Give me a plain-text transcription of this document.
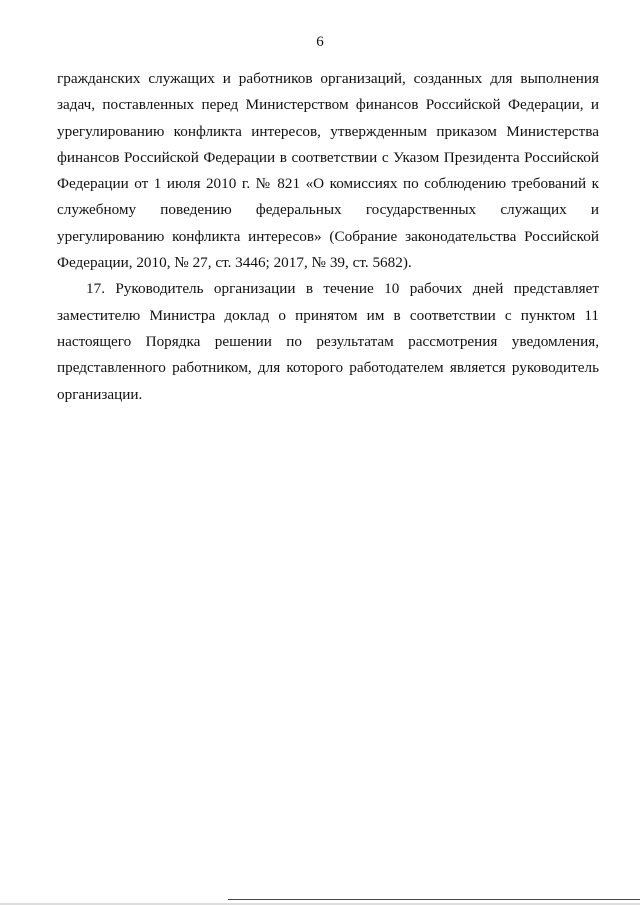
6
гражданских служащих и работников организаций, созданных для выполнения
задач, поставленных перед Министерством финансов Российской Федерации, и
урегулированию конфликта интересов, утвержденным приказом Министерства
финансов Российской Федерации в соответствии с Указом Президента Российской
Федерации от 1 июля 2010 г. № 821 «О комиссиях по соблюдению требований к
служебному поведению федеральных государственных служащих и
урегулированию конфликта интересов» (Собрание законодательства Российской
Федерации, 2010, № 27, ст. 3446; 2017, № 39, ст. 5682).
17. Руководитель организации в течение 10 рабочих дней представляет
заместителю Министра доклад о принятом им в соответствии с пунктом 11
настоящего Порядка решении по результатам рассмотрения уведомления,
представленного работником, для которого работодателем является руководитель
организации.
